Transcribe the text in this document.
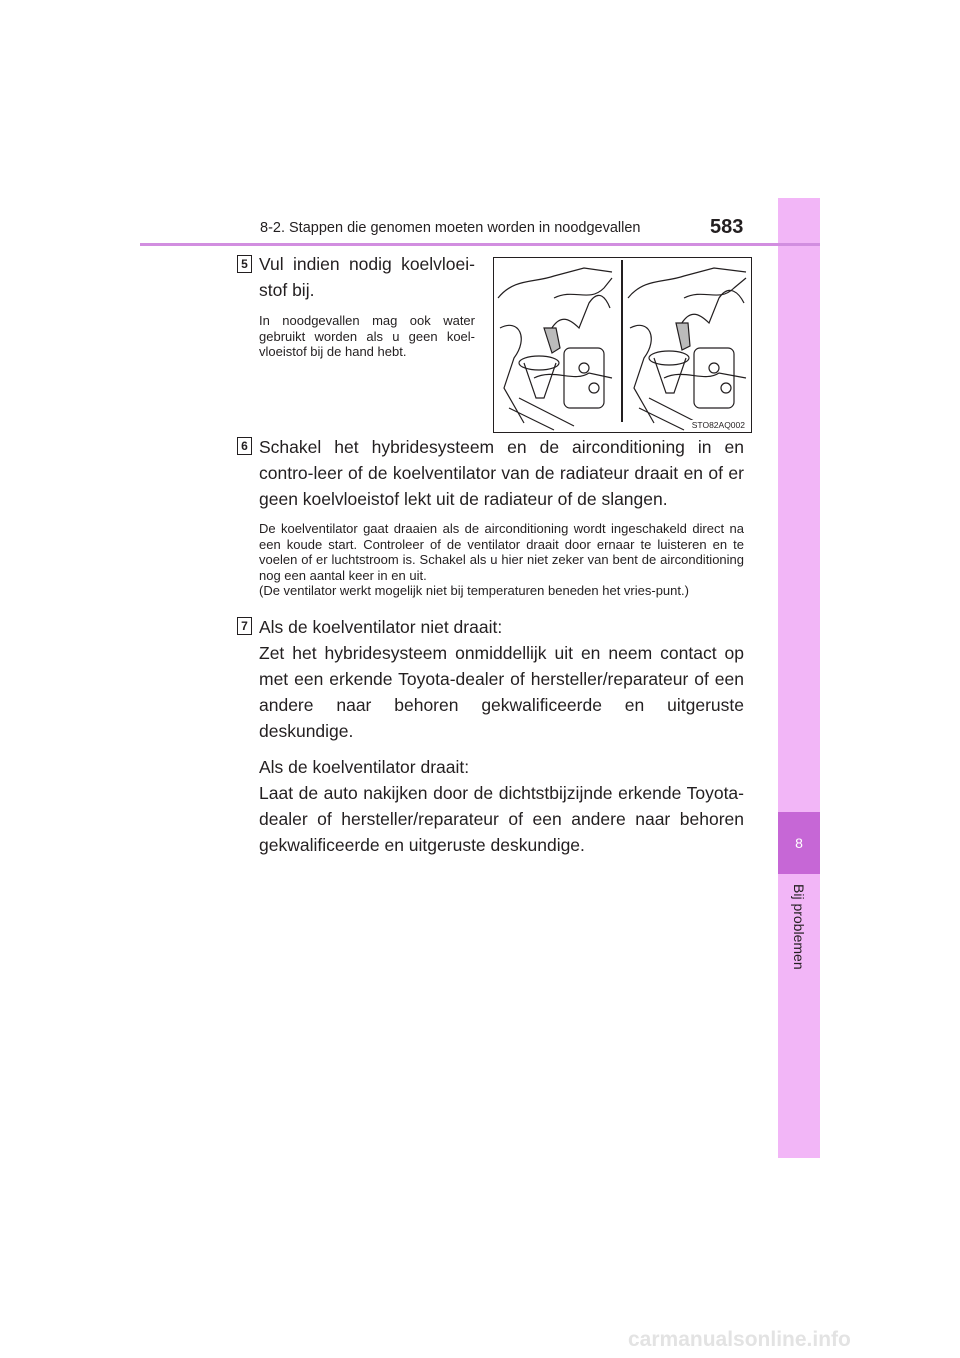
8
Bij problemen
8-2. Stappen die genomen moeten worden in noodgevallen	583
5 Vul indien nodig koelvloei-stof bij.

In noodgevallen mag ook water gebruikt worden als u geen koel-vloeistof bij de hand hebt.

STO82AQ002
6 Schakel het hybridesysteem en de airconditioning in en contro-leer of de koelventilator van de radiateur draait en of er geen koelvloeistof lekt uit de radiateur of de slangen.

De koelventilator gaat draaien als de airconditioning wordt ingeschakeld direct na een koude start. Controleer of de ventilator draait door ernaar te luisteren en te voelen of er luchtstroom is. Schakel als u hier niet zeker van bent de airconditioning nog een aantal keer in en uit.

(De ventilator werkt mogelijk niet bij temperaturen beneden het vries-punt.)

7 Als de koelventilator niet draait:

Zet het hybridesysteem onmiddellijk uit en neem contact op met een erkende Toyota-dealer of hersteller/reparateur of een andere naar behoren gekwalificeerde en uitgeruste deskundige.

Als de koelventilator draait:

Laat de auto nakijken door de dichtstbijzijnde erkende Toyota-dealer of hersteller/reparateur of een andere naar behoren gekwalificeerde en uitgeruste deskundige.

carmanualsonline.info
